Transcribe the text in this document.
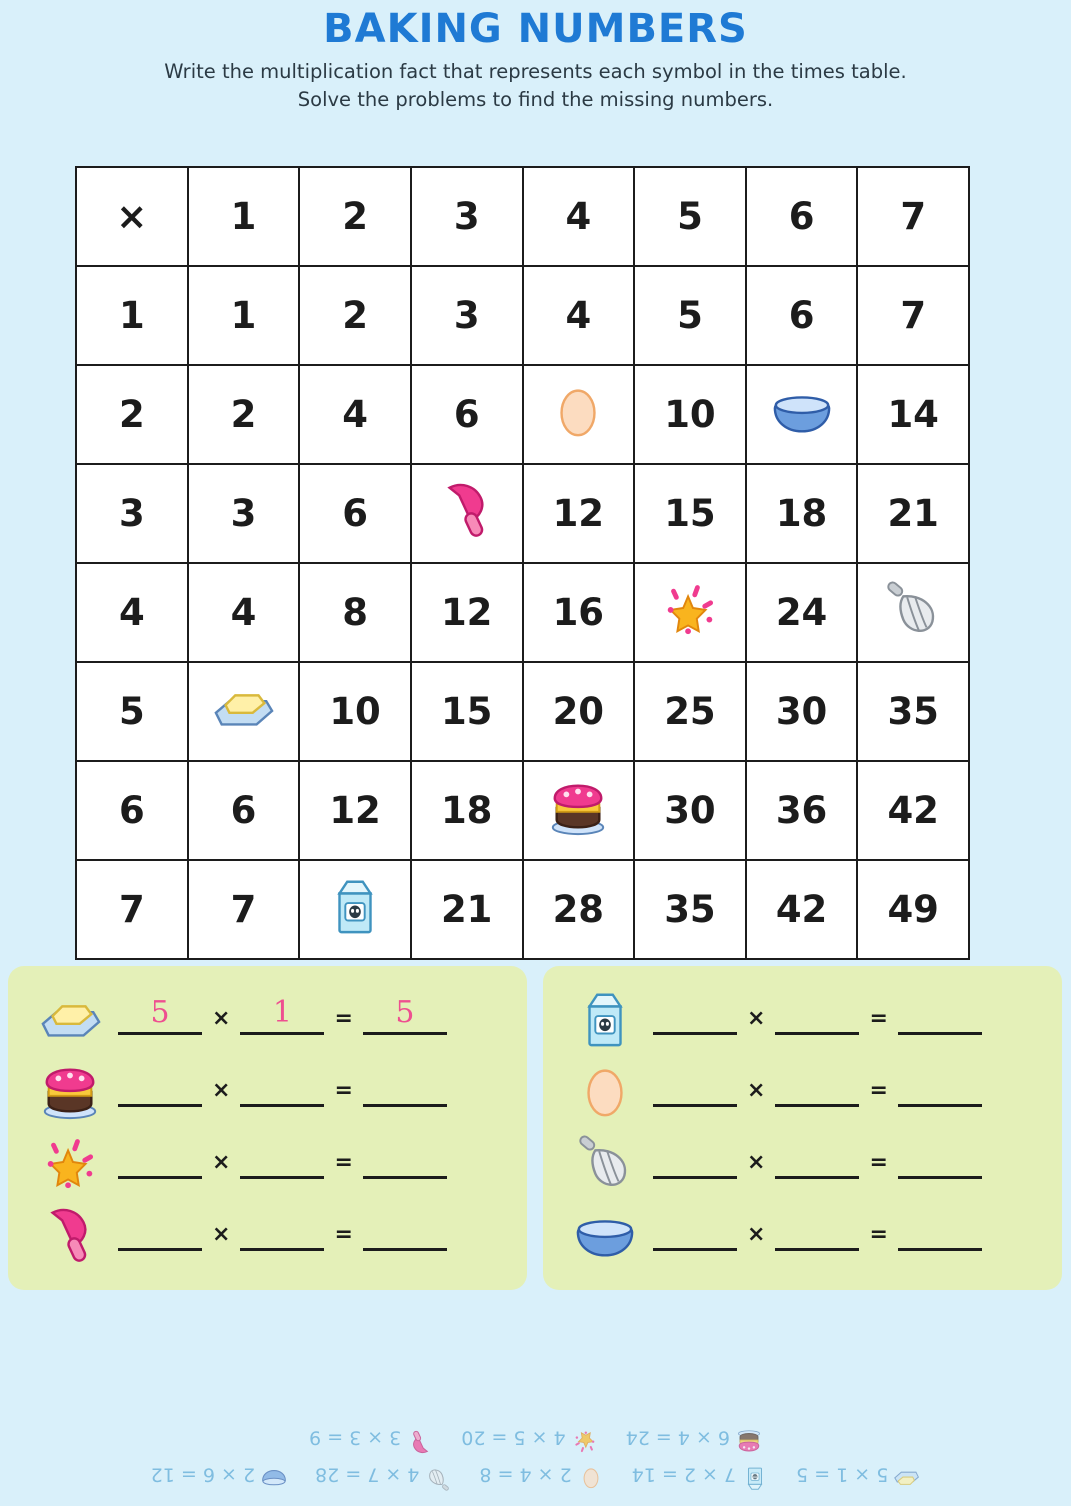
BAKING NUMBERS
Write the multiplication fact that represents each symbol in the times table.
Solve the problems to find the missing numbers.
×	1	2	3	4	5	6	7
1	1	2	3	4	5	6	7
2	2	4	6		10		14
3	3	6		12	15	18	21
4	4	8	12	16		24	
5		10	15	20	25	30	35
6	6	12	18		30	36	42
7	7		21	28	35	42	49
5	×	1	=	5
×	=
×	=
×	=
×	=
×	=
×	=
×	=
5 × 1 = 57 × 2 = 142 × 4 = 84 × 7 = 282 × 6 = 12
6 × 4 = 244 × 5 = 203 × 3 = 9
